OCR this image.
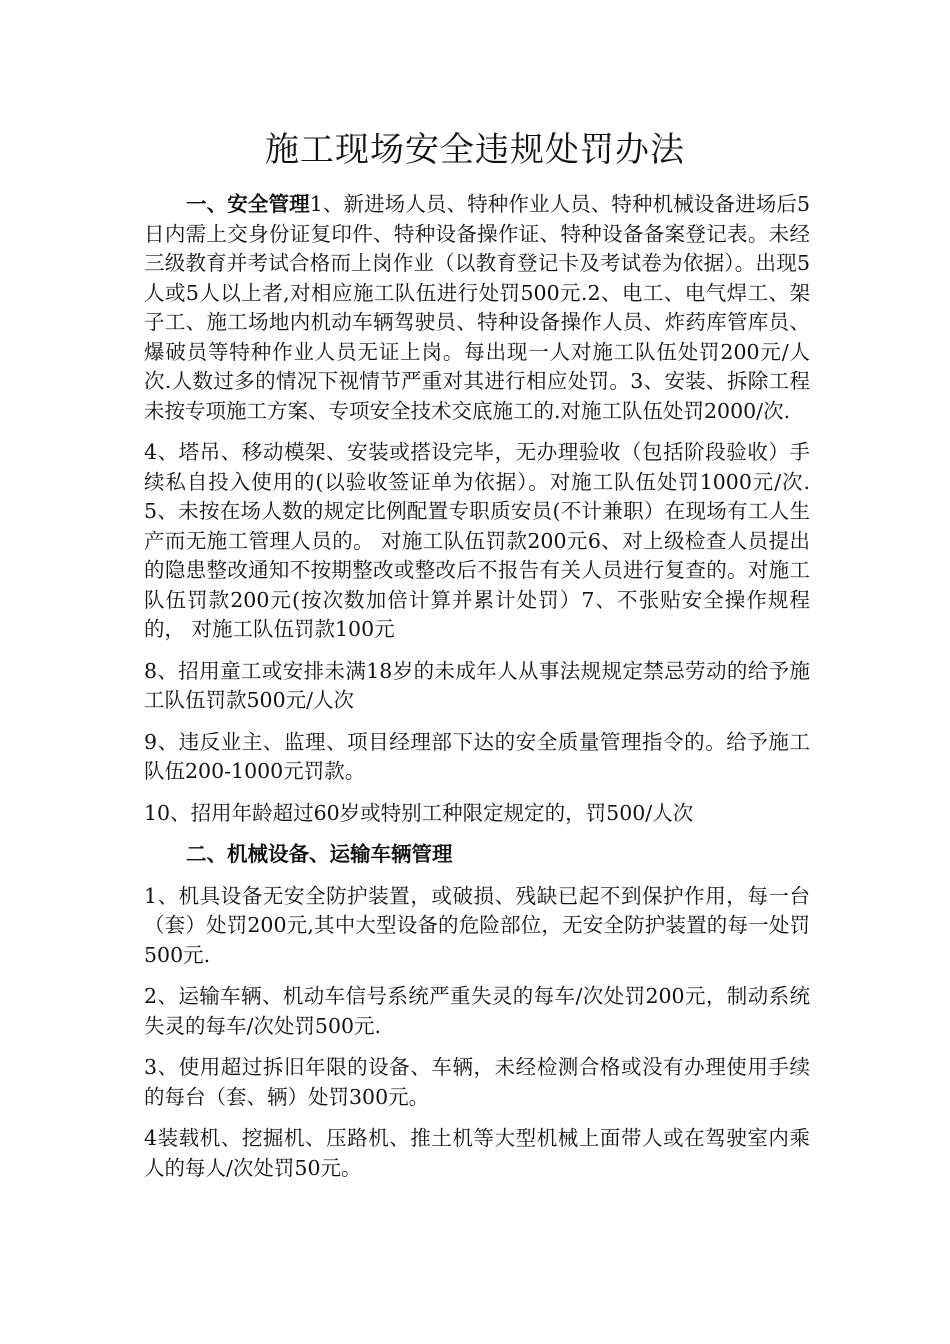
施工现场安全违规处罚办法

一、安全管理1、新进场人员、特种作业人员、特种机械设备进场后5日内需上交身份证复印件、特种设备操作证、特种设备备案登记表。未经三级教育并考试合格而上岗作业（以教育登记卡及考试卷为依据）。出现5人或5人以上者,对相应施工队伍进行处罚500元.2、电工、电气焊工、架子工、施工场地内机动车辆驾驶员、特种设备操作人员、炸药库管库员、爆破员等特种作业人员无证上岗。每出现一人对施工队伍处罚200元/人次.人数过多的情况下视情节严重对其进行相应处罚。3、安装、拆除工程未按专项施工方案、专项安全技术交底施工的.对施工队伍处罚2000/次.

4、塔吊、移动模架、安装或搭设完毕，无办理验收（包括阶段验收）手续私自投入使用的(以验收签证单为依据）。对施工队伍处罚1000元/次.5、未按在场人数的规定比例配置专职质安员(不计兼职）在现场有工人生产而无施工管理人员的。 对施工队伍罚款200元6、对上级检查人员提出的隐患整改通知不按期整改或整改后不报告有关人员进行复查的。对施工队伍罚款200元(按次数加倍计算并累计处罚）7、不张贴安全操作规程的， 对施工队伍罚款100元

8、招用童工或安排未满18岁的未成年人从事法规规定禁忌劳动的给予施工队伍罚款500元/人次

9、违反业主、监理、项目经理部下达的安全质量管理指令的。给予施工队伍200-1000元罚款。

10、招用年龄超过60岁或特别工种限定规定的，罚500/人次

二、机械设备、运输车辆管理

1、机具设备无安全防护装置，或破损、残缺已起不到保护作用，每一台（套）处罚200元,其中大型设备的危险部位，无安全防护装置的每一处罚500元.

2、运输车辆、机动车信号系统严重失灵的每车/次处罚200元，制动系统失灵的每车/次处罚500元.

3、使用超过拆旧年限的设备、车辆，未经检测合格或没有办理使用手续的每台（套、辆）处罚300元。

4装载机、挖掘机、压路机、推土机等大型机械上面带人或在驾驶室内乘人的每人/次处罚50元。
